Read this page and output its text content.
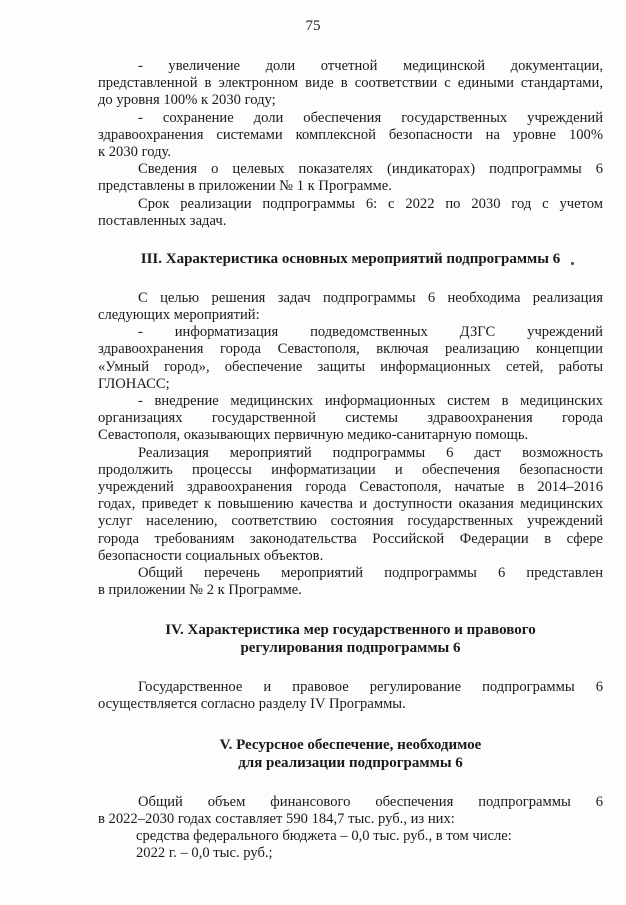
75
- увеличение доли отчетной медицинской документации,
представленной в электронном виде в соответствии с едиными стандартами,
до уровня 100% к 2030 году;
- сохранение доли обеспечения государственных учреждений
здравоохранения системами комплексной безопасности на уровне 100%
к 2030 году.
Сведения о целевых показателях (индикаторах) подпрограммы 6
представлены в приложении № 1 к Программе.
Срок реализации подпрограммы 6: с 2022 по 2030 год с учетом
поставленных задач.
III. Характеристика основных мероприятий подпрограммы 6
С целью решения задач подпрограммы 6 необходима реализация
следующих мероприятий:
- информатизация подведомственных ДЗГС учреждений
здравоохранения города Севастополя, включая реализацию концепции
«Умный город», обеспечение защиты информационных сетей, работы
ГЛОНАСС;
- внедрение медицинских информационных систем в медицинских
организациях государственной системы здравоохранения города
Севастополя, оказывающих первичную медико-санитарную помощь.
Реализация мероприятий подпрограммы 6 даст возможность
продолжить процессы информатизации и обеспечения безопасности
учреждений здравоохранения города Севастополя, начатые в 2014–2016
годах, приведет к повышению качества и доступности оказания медицинских
услуг населению, соответствию состояния государственных учреждений
города требованиям законодательства Российской Федерации в сфере
безопасности социальных объектов.
Общий перечень мероприятий подпрограммы 6 представлен
в приложении № 2 к Программе.
IV. Характеристика мер государственного и правового
регулирования подпрограммы 6
Государственное и правовое регулирование подпрограммы 6
осуществляется согласно разделу IV Программы.
V. Ресурсное обеспечение, необходимое
для реализации подпрограммы 6
Общий объем финансового обеспечения подпрограммы 6
в 2022–2030 годах составляет 590 184,7 тыс. руб., из них:
средства федерального бюджета – 0,0 тыс. руб., в том числе:
2022 г. – 0,0 тыс. руб.;
